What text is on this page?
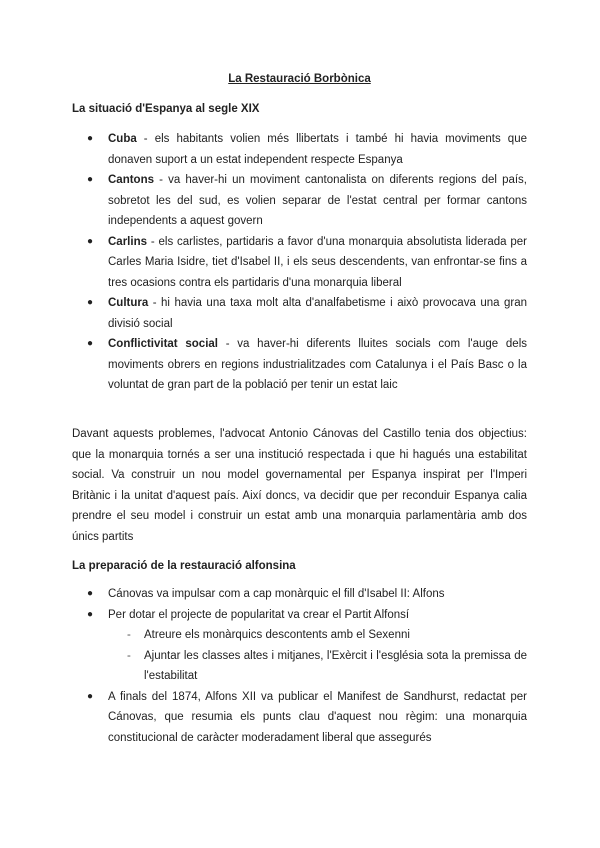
La Restauració Borbònica
La situació d'Espanya al segle XIX
● Cuba - els habitants volien més llibertats i també hi havia moviments que donaven suport a un estat independent respecte Espanya
● Cantons - va haver-hi un moviment cantonalista on diferents regions del país, sobretot les del sud, es volien separar de l'estat central per formar cantons independents a aquest govern
● Carlins - els carlistes, partidaris a favor d'una monarquia absolutista liderada per Carles Maria Isidre, tiet d'Isabel II, i els seus descendents, van enfrontar-se fins a tres ocasions contra els partidaris d'una monarquia liberal
● Cultura - hi havia una taxa molt alta d'analfabetisme i això provocava una gran divisió social
● Conflictivitat social - va haver-hi diferents lluites socials com l'auge dels moviments obrers en regions industrialitzades com Catalunya i el País Basc o la voluntat de gran part de la població per tenir un estat laic
Davant aquests problemes, l'advocat Antonio Cánovas del Castillo tenia dos objectius: que la monarquia tornés a ser una institució respectada i que hi hagués una estabilitat social. Va construir un nou model governamental per Espanya inspirat per l'Imperi Britànic i la unitat d'aquest país. Així doncs, va decidir que per reconduir Espanya calia prendre el seu model i construir un estat amb una monarquia parlamentària amb dos únics partits
La preparació de la restauració alfonsina
● Cánovas va impulsar com a cap monàrquic el fill d'Isabel II: Alfons
● Per dotar el projecte de popularitat va crear el Partit Alfonsí
- Atreure els monàrquics descontents amb el Sexenni
- Ajuntar les classes altes i mitjanes, l'Exèrcit i l'església sota la premissa de l'estabilitat
● A finals del 1874, Alfons XII va publicar el Manifest de Sandhurst, redactat per Cánovas, que resumia els punts clau d'aquest nou règim: una monarquia constitucional de caràcter moderadament liberal que assegurés
